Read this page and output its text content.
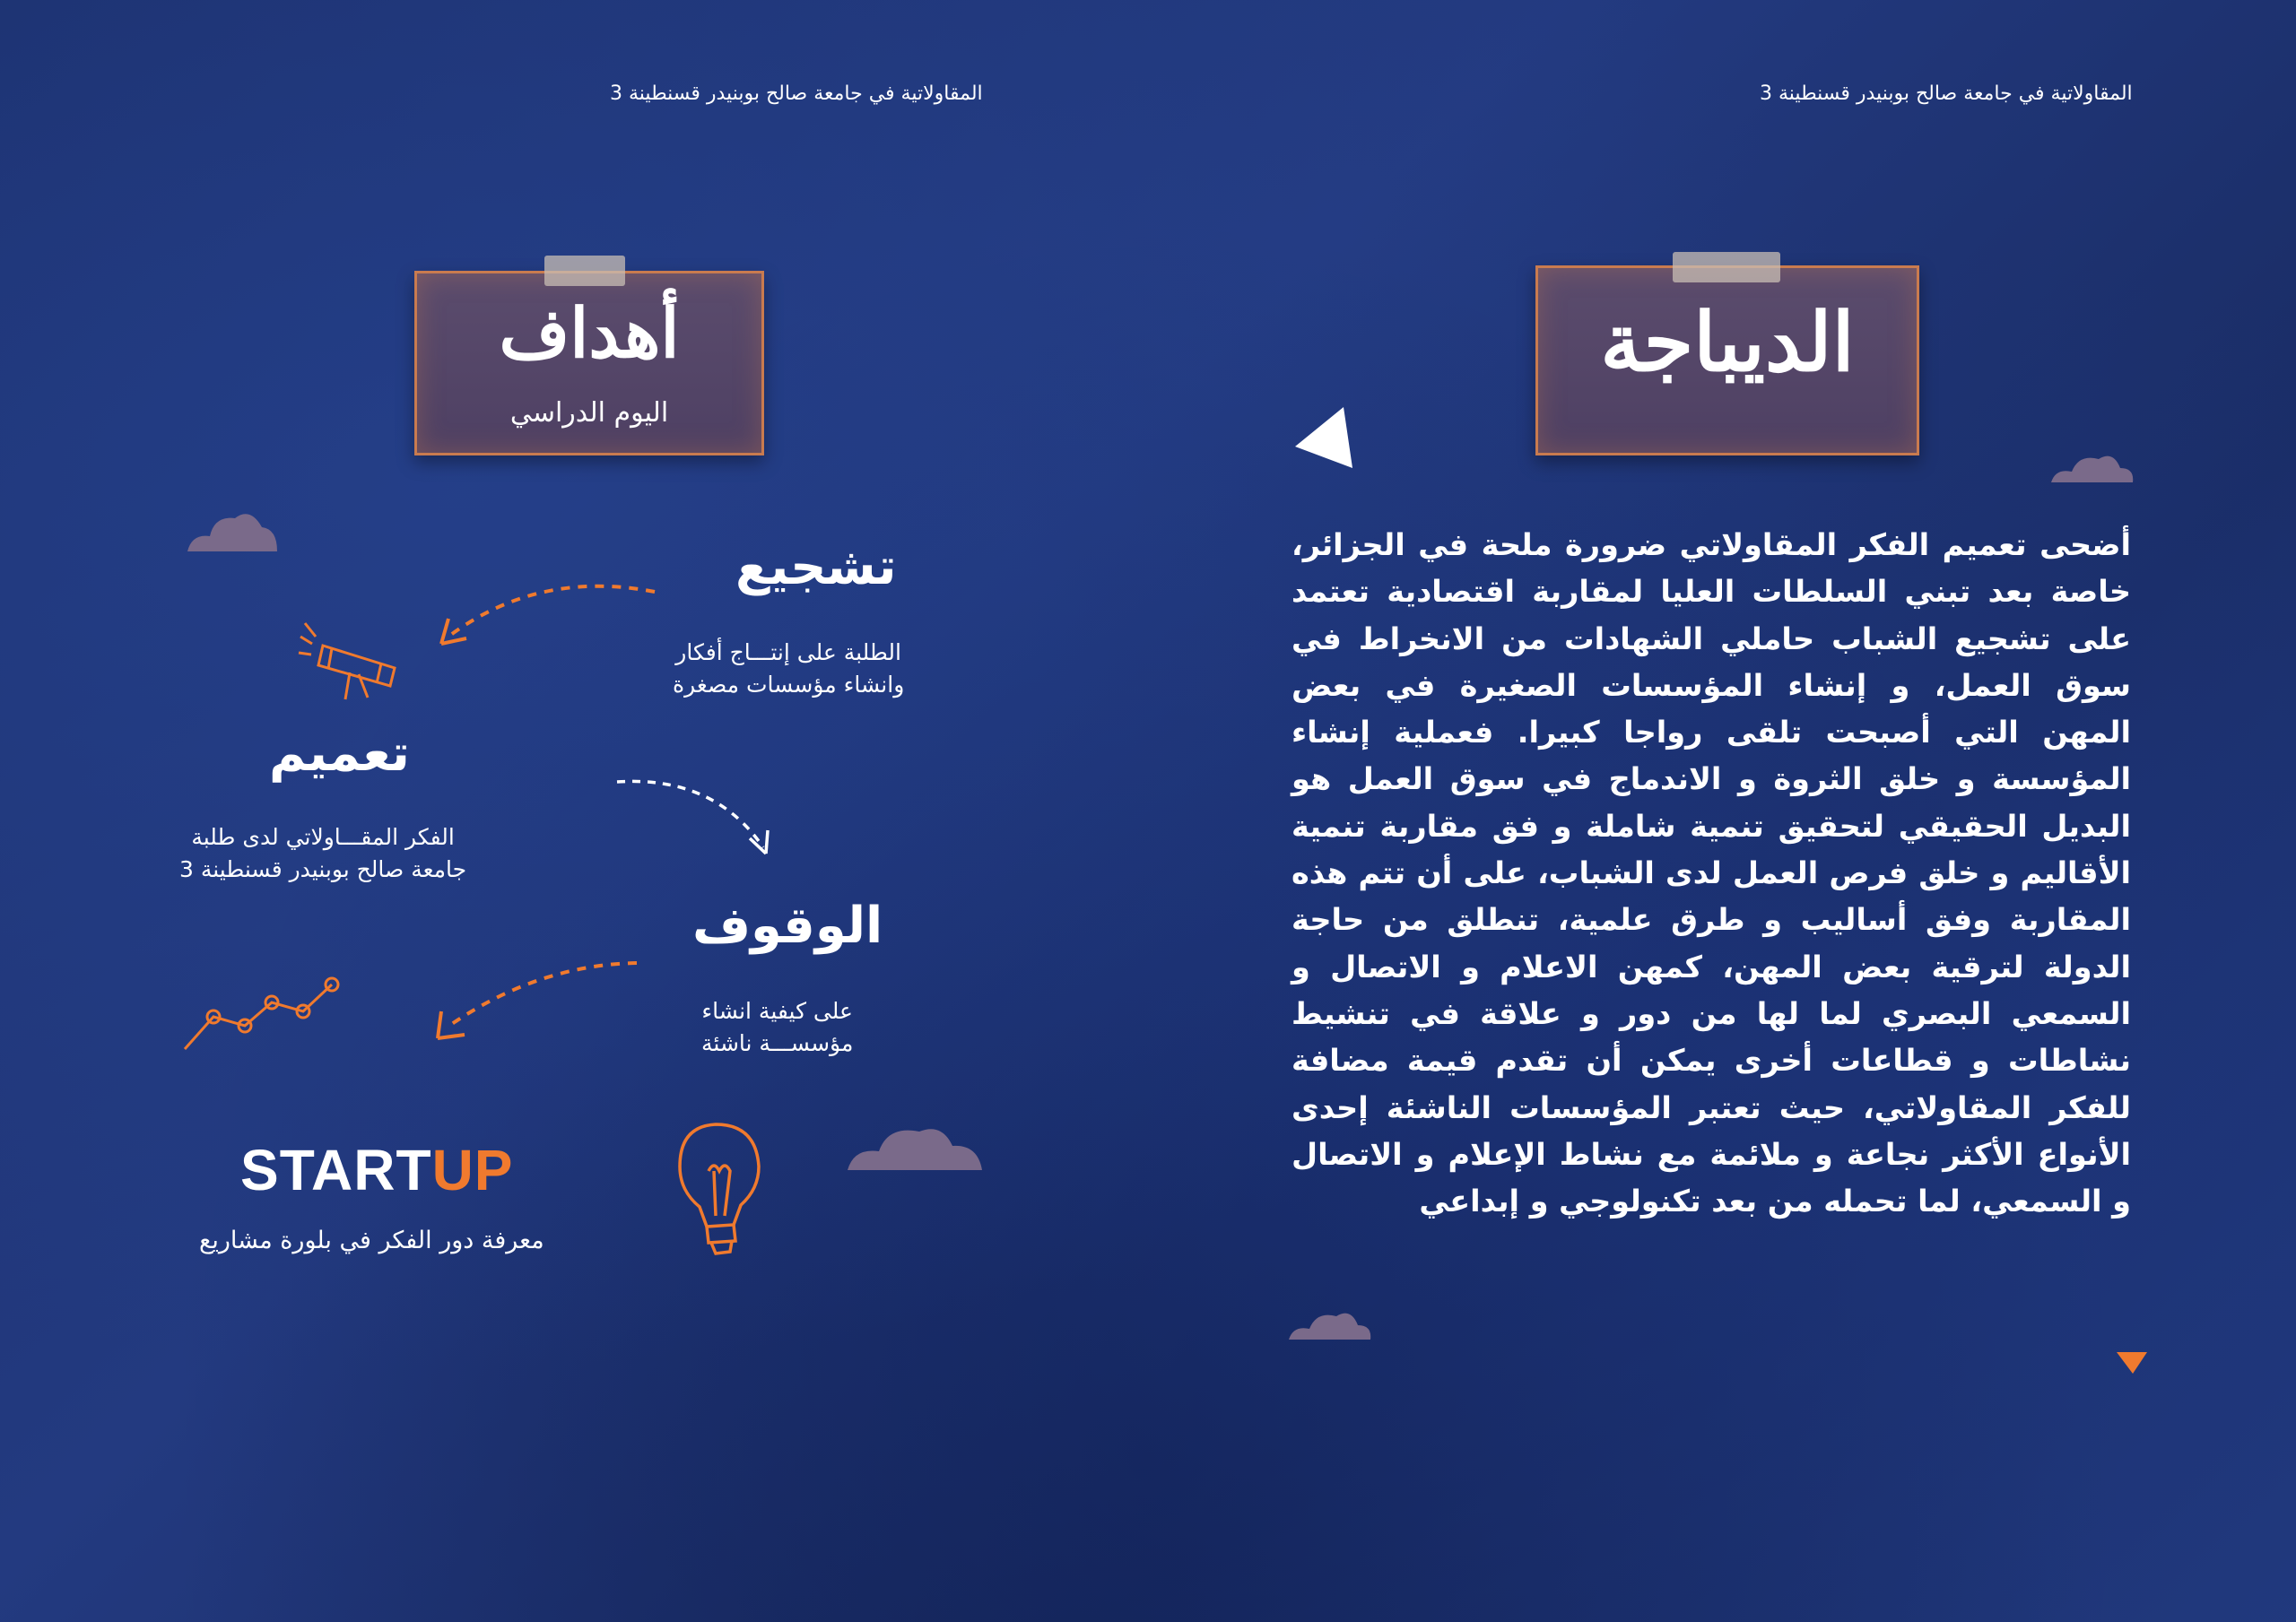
المقاولاتية في جامعة صالح بوبنيدر قسنطينة 3
أهداف
اليوم الدراسي
تشجيع
الطلبة على إنتـــاج أفكار
وانشاء مؤسسات مصغرة
تعميم
الفكر المقـــاولاتي لدى طلبة
جامعة صالح بوبنيدر قسنطينة 3
الوقوف
على كيفية انشاء
مؤسســـة ناشئة
STARTUP
معرفة دور الفكر في بلورة مشاريع
المقاولاتية في جامعة صالح بوبنيدر قسنطينة 3
الديباجة

أضحى تعميم الفكر المقاولاتي ضرورة ملحة في الجزائر، خاصة بعد تبني السلطات العليا لمقاربة اقتصادية تعتمد على تشجيع الشباب حاملي الشهادات من الانخراط في سوق العمل، و إنشاء المؤسسات الصغيرة في بعض المهن التي أصبحت تلقى رواجا كبيرا. فعملية إنشاء المؤسسة و خلق الثروة و الاندماج في سوق العمل هو البديل الحقيقي لتحقيق تنمية شاملة و فق مقاربة تنمية الأقاليم و خلق فرص العمل لدى الشباب، على أن تتم هذه المقاربة وفق أساليب و طرق علمية، تنطلق من حاجة الدولة لترقية بعض المهن، كمهن الاعلام و الاتصال و السمعي البصري لما لها من دور و علاقة في تنشيط نشاطات و قطاعات أخرى يمكن أن تقدم قيمة مضافة للفكر المقاولاتي، حيث تعتبر المؤسسات الناشئة إحدى الأنواع الأكثر نجاعة و ملائمة مع نشاط الإعلام و الاتصال و السمعي، لما تحمله من بعد تكنولوجي و إبداعي
